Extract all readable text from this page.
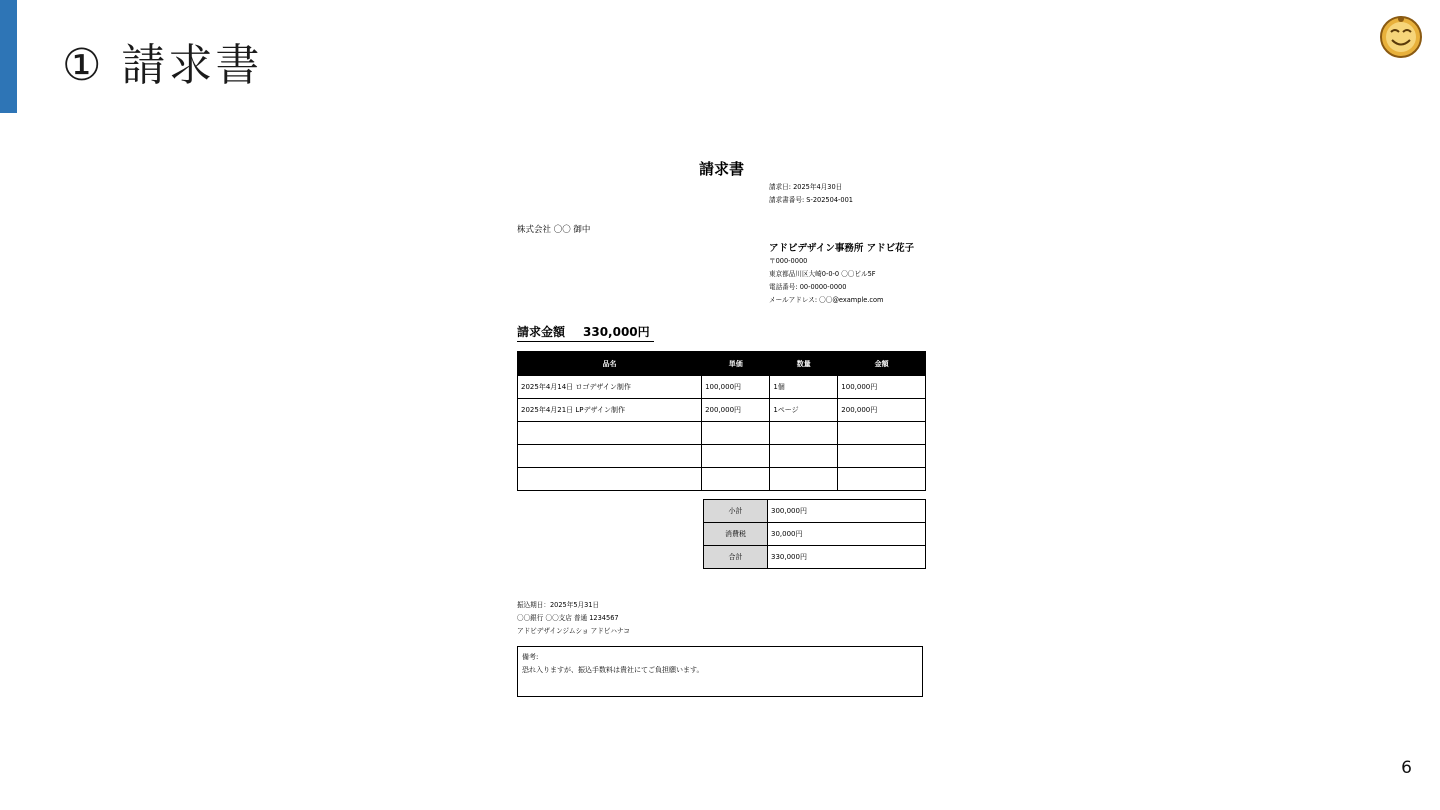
① 請求書
請求書
請求日: 2025年4月30日
請求書番号: S-202504-001
株式会社 〇〇 御中
アドビデザイン事務所 アドビ花子
〒000-0000
東京都品川区大崎0-0-0 〇〇ビル5F
電話番号: 00-0000-0000
メールアドレス: 〇〇@example.com
請求金額 330,000円
品名	単価	数量	金額
2025年4月14日 ロゴデザイン制作	100,000円	1個	100,000円
2025年4月21日 LPデザイン制作	200,000円	1ページ	200,000円

小計	300,000円
消費税	30,000円
合計	330,000円
振込期日：2025年5月31日
〇〇銀行 〇〇支店 普通 1234567
アドビデザインジムショ アドビハナコ
備考:
恐れ入りますが、振込手数料は貴社にてご負担願います。
6
